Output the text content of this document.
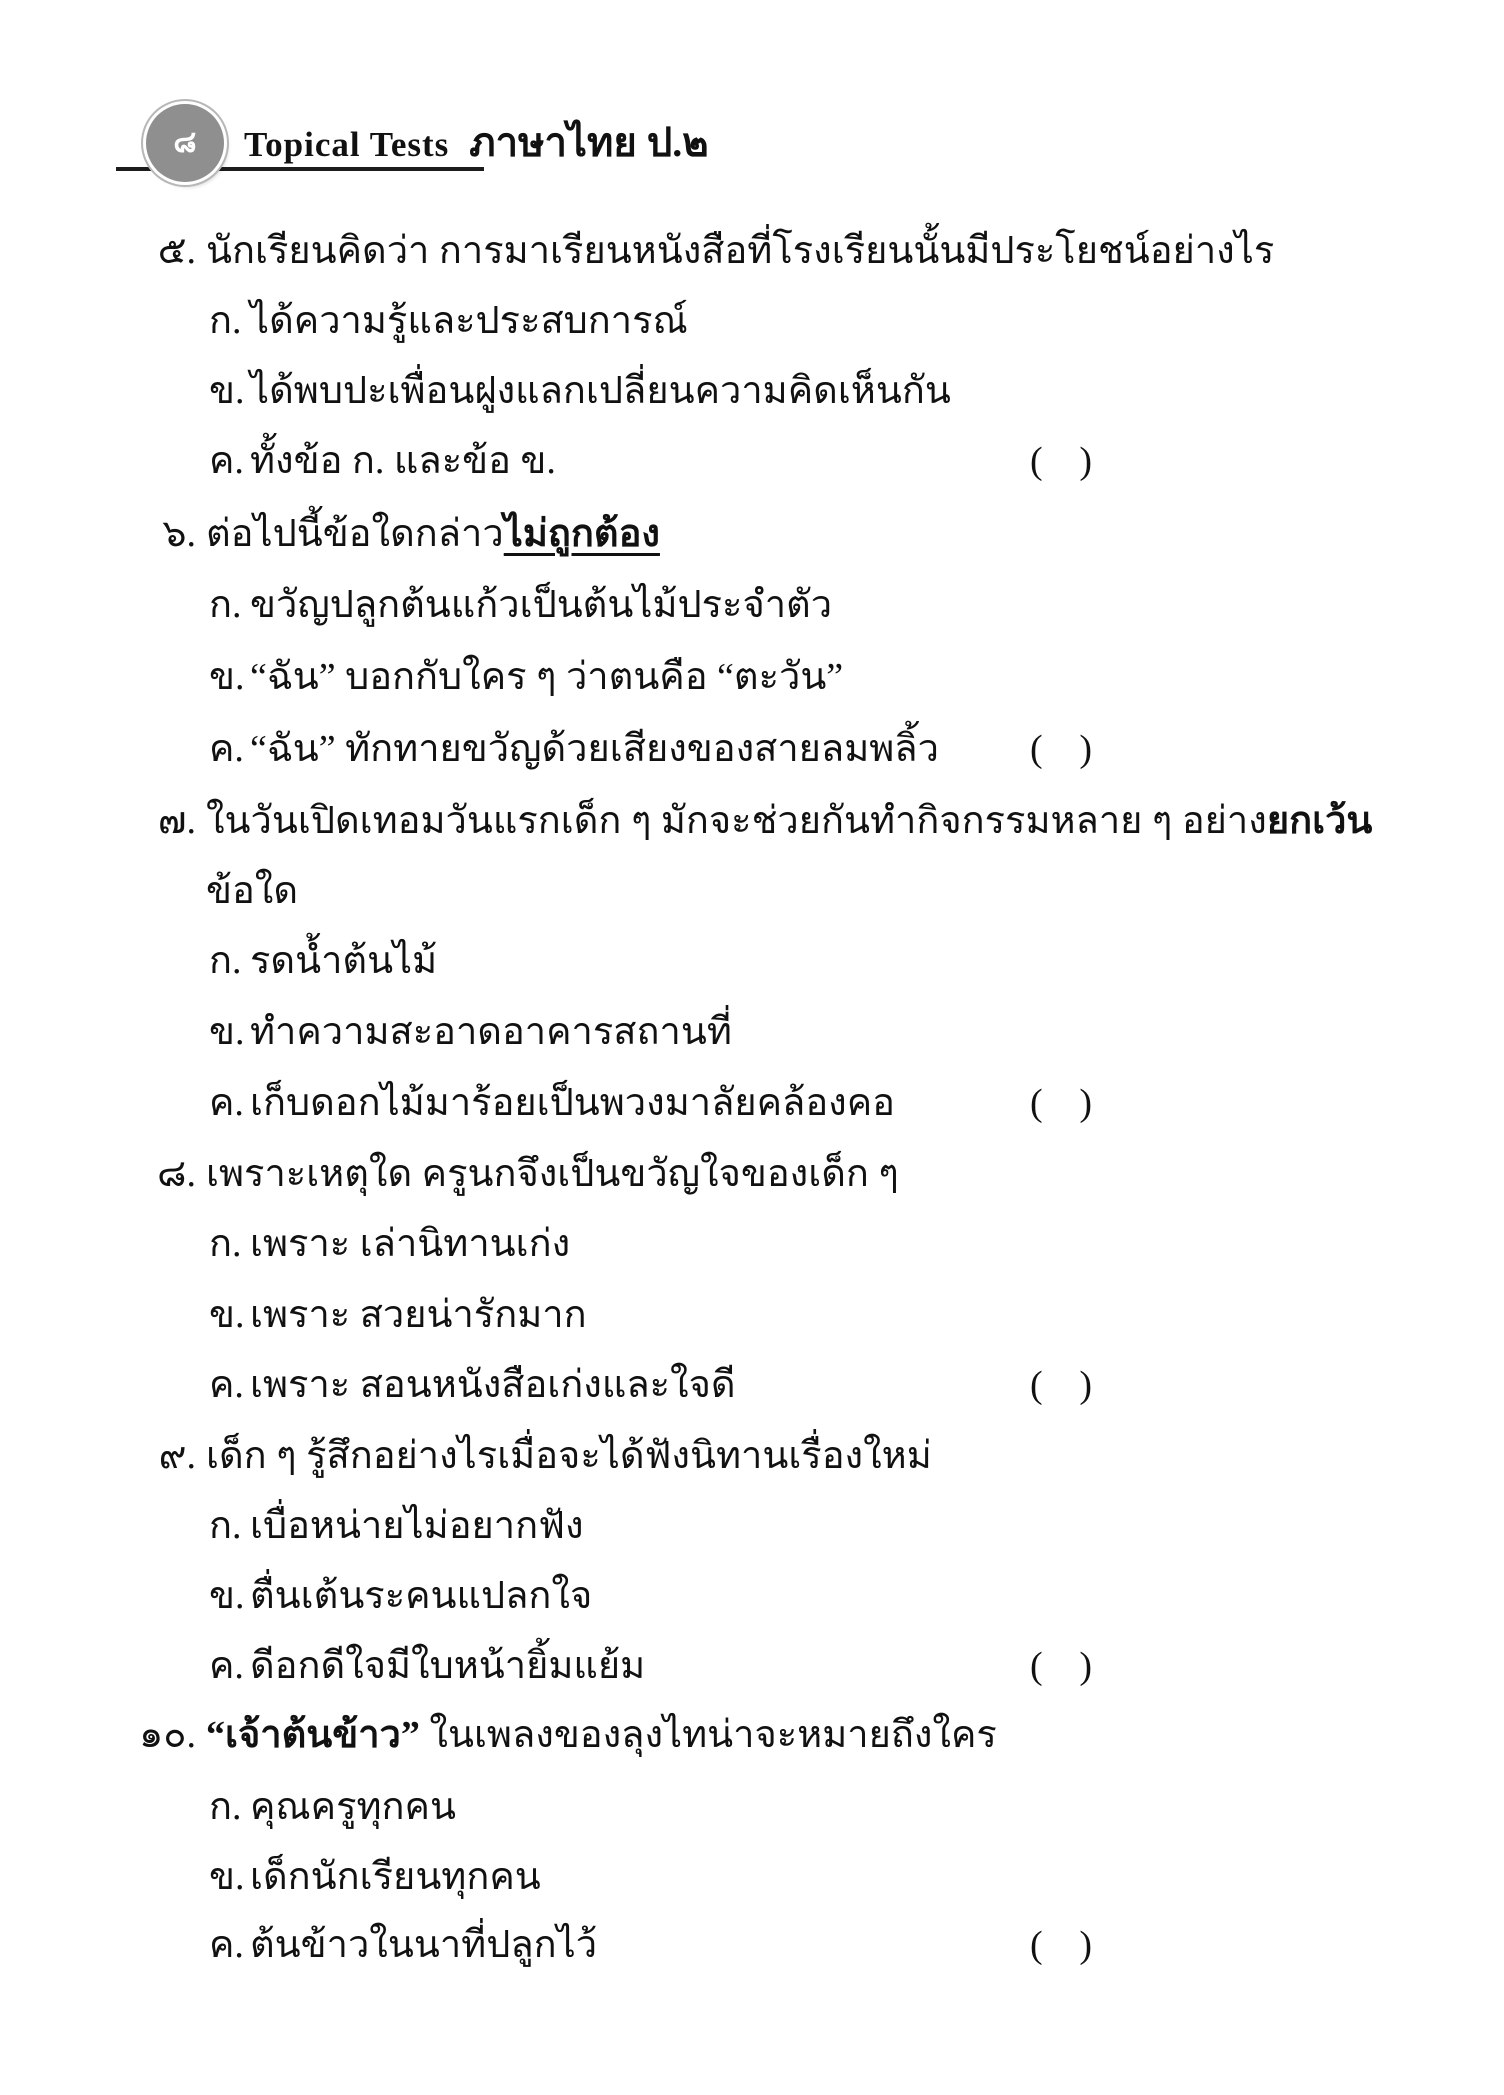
๘ Topical Tests ภาษาไทย ป.๒
๕. นักเรียนคิดว่า การมาเรียนหนังสือที่โรงเรียนนั้นมีประโยชน์อย่างไร
ก. ได้ความรู้และประสบการณ์
ข. ได้พบปะเพื่อนฝูงแลกเปลี่ยนความคิดเห็นกัน
ค. ทั้งข้อ ก. และข้อ ข.	( )
๖. ต่อไปนี้ข้อใดกล่าวไม่ถูกต้อง
ก. ขวัญปลูกต้นแก้วเป็นต้นไม้ประจำตัว
ข. “ฉัน” บอกกับใคร ๆ ว่าตนคือ “ตะวัน”
ค. “ฉัน” ทักทายขวัญด้วยเสียงของสายลมพลิ้ว ( )
๗. ในวันเปิดเทอมวันแรกเด็ก ๆ มักจะช่วยกันทำกิจกรรมหลาย ๆ อย่างยกเว้น
ข้อใด
ก. รดน้ำต้นไม้
ข. ทำความสะอาดอาคารสถานที่
ค. เก็บดอกไม้มาร้อยเป็นพวงมาลัยคล้องคอ	( )
๘. เพราะเหตุใด ครูนกจึงเป็นขวัญใจของเด็ก ๆ
ก. เพราะ เล่านิทานเก่ง
ข. เพราะ สวยน่ารักมาก
ค. เพราะ สอนหนังสือเก่งและใจดี	( )
๙. เด็ก ๆ รู้สึกอย่างไรเมื่อจะได้ฟังนิทานเรื่องใหม่
ก. เบื่อหน่ายไม่อยากฟัง
ข. ตื่นเต้นระคนแปลกใจ
ค. ดีอกดีใจมีใบหน้ายิ้มแย้ม	( )
๑๐. “เจ้าต้นข้าว” ในเพลงของลุงไทน่าจะหมายถึงใคร
ก. คุณครูทุกคน
ข. เด็กนักเรียนทุกคน
ค. ต้นข้าวในนาที่ปลูกไว้	( )
